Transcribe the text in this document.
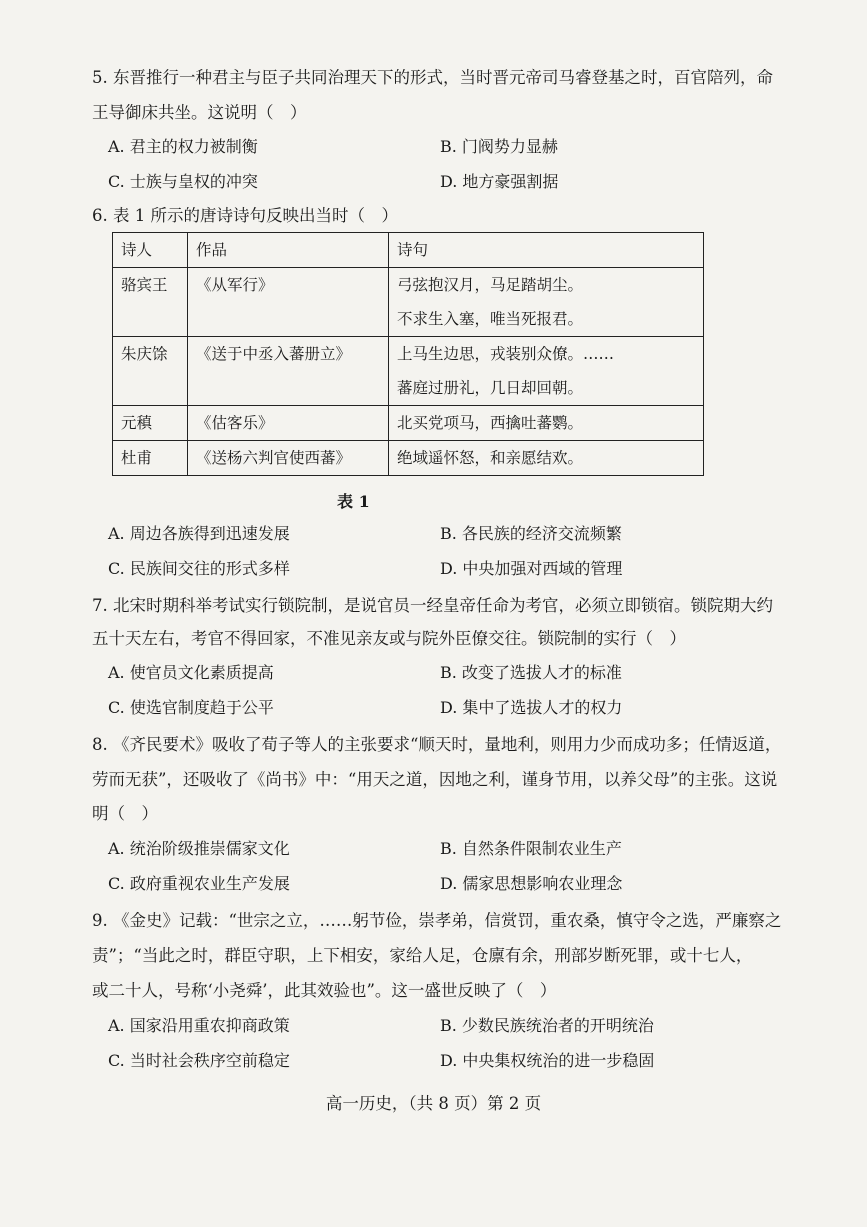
5. 东晋推行一种君主与臣子共同治理天下的形式，当时晋元帝司马睿登基之时，百官陪列，命
王导御床共坐。这说明（　）
A. 君主的权力被制衡	B. 门阀势力显赫
C. 士族与皇权的冲突	D. 地方豪强割据
6. 表 1 所示的唐诗诗句反映出当时（　）
诗人	作品	诗句

骆宾王	《从军行》	弓弦抱汉月，马足踏胡尘。
不求生入塞，唯当死报君。

朱庆馀	《送于中丞入蕃册立》	上马生边思，戎装别众僚。……
蕃庭过册礼，几日却回朝。

元稹	《估客乐》	北买党项马，西擒吐蕃鹦。

杜甫	《送杨六判官使西蕃》	绝域遥怀怒，和亲愿结欢。
表 1
A. 周边各族得到迅速发展	B. 各民族的经济交流频繁
C. 民族间交往的形式多样	D. 中央加强对西域的管理
7. 北宋时期科举考试实行锁院制，是说官员一经皇帝任命为考官，必须立即锁宿。锁院期大约
五十天左右，考官不得回家，不准见亲友或与院外臣僚交往。锁院制的实行（　）
A. 使官员文化素质提高	B. 改变了选拔人才的标准
C. 使选官制度趋于公平	D. 集中了选拔人才的权力
8. 《齐民要术》吸收了荀子等人的主张要求“顺天时，量地利，则用力少而成功多；任情返道，
劳而无获”，还吸收了《尚书》中：“用天之道，因地之利，谨身节用，以养父母”的主张。这说
明（　）
A. 统治阶级推崇儒家文化	B. 自然条件限制农业生产
C. 政府重视农业生产发展	D. 儒家思想影响农业理念
9. 《金史》记载：“世宗之立，……躬节俭，崇孝弟，信赏罚，重农桑，慎守令之选，严廉察之
责”；“当此之时，群臣守职，上下相安，家给人足，仓廪有余，刑部岁断死罪，或十七人，
或二十人，号称‘小尧舜’，此其效验也”。这一盛世反映了（　）
A. 国家沿用重农抑商政策	B. 少数民族统治者的开明统治
C. 当时社会秩序空前稳定	D. 中央集权统治的进一步稳固
高一历史，（共 8 页）第 2 页
